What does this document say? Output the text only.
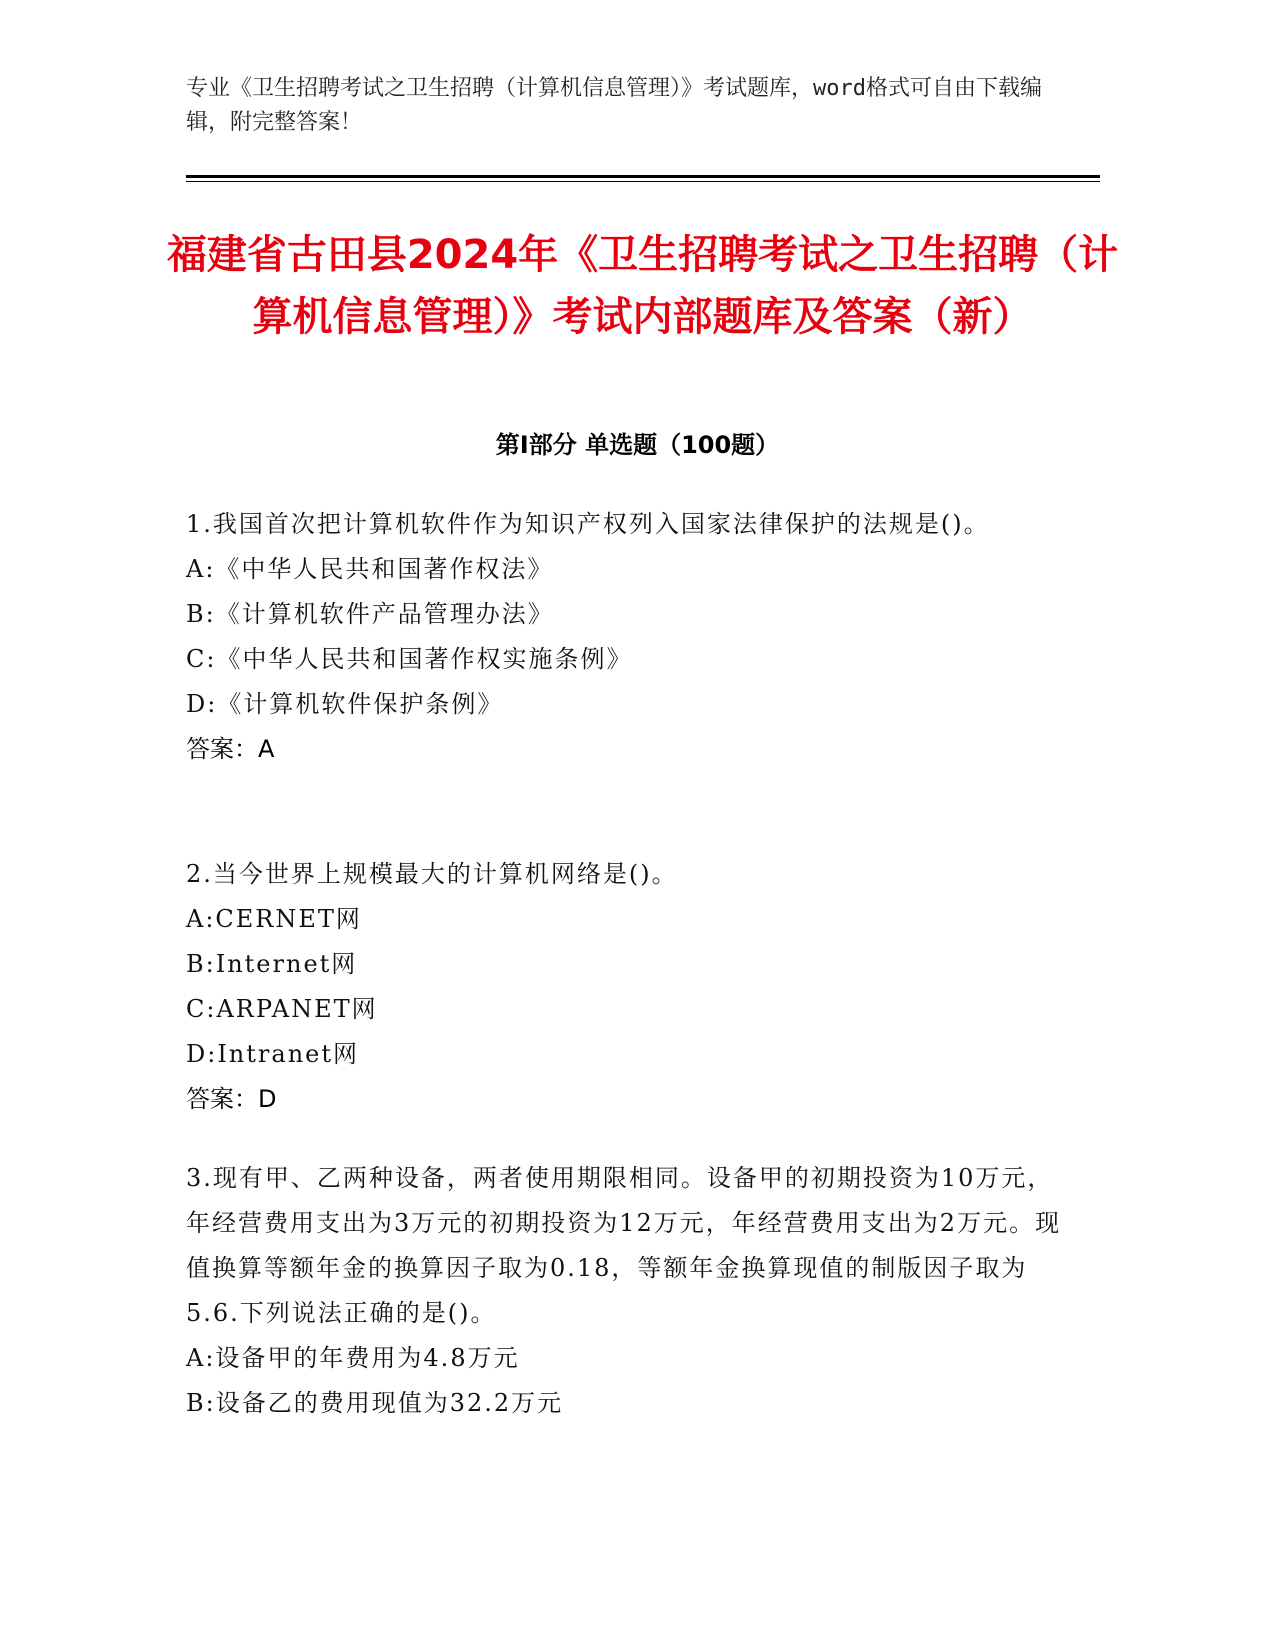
专业《卫生招聘考试之卫生招聘（计算机信息管理）》考试题库，word格式可自由下载编辑，附完整答案！
福建省古田县2024年《卫生招聘考试之卫生招聘（计算机信息管理）》考试内部题库及答案（新）
第I部分 单选题（100题）
1.我国首次把计算机软件作为知识产权列入国家法律保护的法规是()。
A:《中华人民共和国著作权法》
B:《计算机软件产品管理办法》
C:《中华人民共和国著作权实施条例》
D:《计算机软件保护条例》
答案：A
2.当今世界上规模最大的计算机网络是()。
A:CERNET网
B:Internet网
C:ARPANET网
D:Intranet网
答案：D
3.现有甲、乙两种设备，两者使用期限相同。设备甲的初期投资为10万元，年经营费用支出为3万元的初期投资为12万元，年经营费用支出为2万元。现值换算等额年金的换算因子取为0.18，等额年金换算现值的制版因子取为5.6.下列说法正确的是()。
A:设备甲的年费用为4.8万元
B:设备乙的费用现值为32.2万元
